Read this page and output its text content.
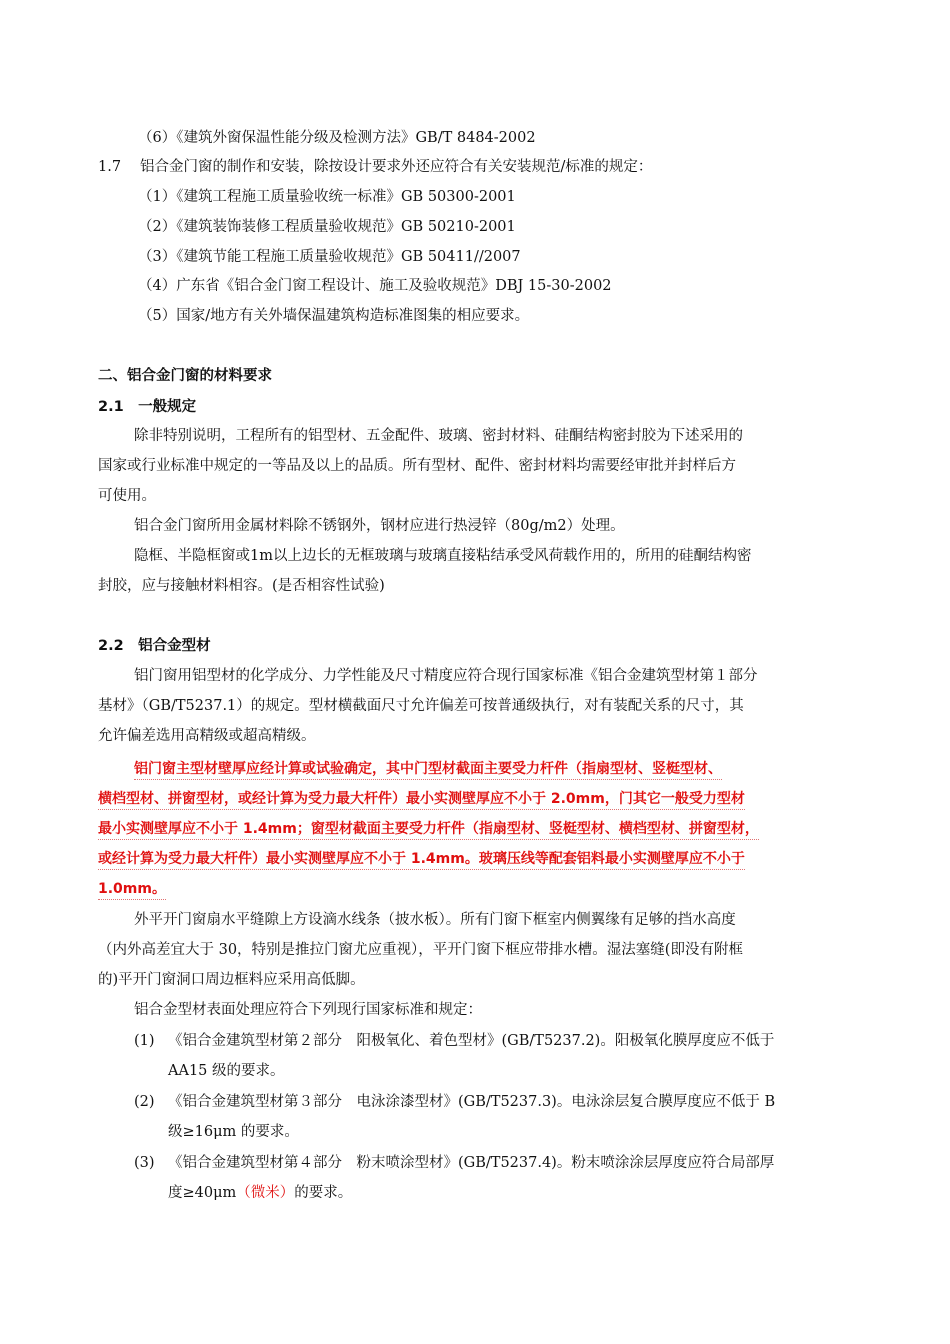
（6）《建筑外窗保温性能分级及检测方法》GB/T 8484-2002
1.7 铝合金门窗的制作和安装，除按设计要求外还应符合有关安装规范/标准的规定：
（1）《建筑工程施工质量验收统一标准》GB 50300-2001
（2）《建筑装饰装修工程质量验收规范》GB 50210-2001
（3）《建筑节能工程施工质量验收规范》GB 50411//2007
（4）广东省《铝合金门窗工程设计、施工及验收规范》DBJ 15-30-2002
（5）国家/地方有关外墙保温建筑构造标准图集的相应要求。
二、铝合金门窗的材料要求
2.1　一般规定
除非特别说明，工程所有的铝型材、五金配件、玻璃、密封材料、硅酮结构密封胶为下述采用的
国家或行业标准中规定的一等品及以上的品质。所有型材、配件、密封材料均需要经审批并封样后方
可使用。
铝合金门窗所用金属材料除不锈钢外，钢材应进行热浸锌（80g/m2）处理。
隐框、半隐框窗或1m以上边长的无框玻璃与玻璃直接粘结承受风荷载作用的，所用的硅酮结构密
封胶，应与接触材料相容。(是否相容性试验)
2.2　铝合金型材
铝门窗用铝型材的化学成分、力学性能及尺寸精度应符合现行国家标准《铝合金建筑型材第１部分
基材》（GB/T5237.1）的规定。型材横截面尺寸允许偏差可按普通级执行，对有装配关系的尺寸，其
允许偏差选用高精级或超高精级。
铝门窗主型材壁厚应经计算或试验确定，其中门型材截面主要受力杆件（指扇型材、竖梃型材、
横档型材、拼窗型材，或经计算为受力最大杆件）最小实测壁厚应不小于 2.0mm，门其它一般受力型材
最小实测壁厚应不小于 1.4mm；窗型材截面主要受力杆件（指扇型材、竖梃型材、横档型材、拼窗型材，
或经计算为受力最大杆件）最小实测壁厚应不小于 1.4mm。玻璃压线等配套铝料最小实测壁厚应不小于
1.0mm。
外平开门窗扇水平缝隙上方设滴水线条（披水板）。所有门窗下框室内侧翼缘有足够的挡水高度
（内外高差宜大于 30，特别是推拉门窗尤应重视），平开门窗下框应带排水槽。湿法塞缝(即没有附框
的)平开门窗洞口周边框料应采用高低脚。
铝合金型材表面处理应符合下列现行国家标准和规定：
(1) 《铝合金建筑型材第２部分　阳极氧化、着色型材》(GB/T5237.2)。阳极氧化膜厚度应不低于
AA15 级的要求。
(2) 《铝合金建筑型材第３部分　电泳涂漆型材》(GB/T5237.3)。电泳涂层复合膜厚度应不低于 B
级≥16μm 的要求。
(3) 《铝合金建筑型材第４部分　粉末喷涂型材》(GB/T5237.4)。粉末喷涂涂层厚度应符合局部厚
度≥40μm（微米）的要求。
